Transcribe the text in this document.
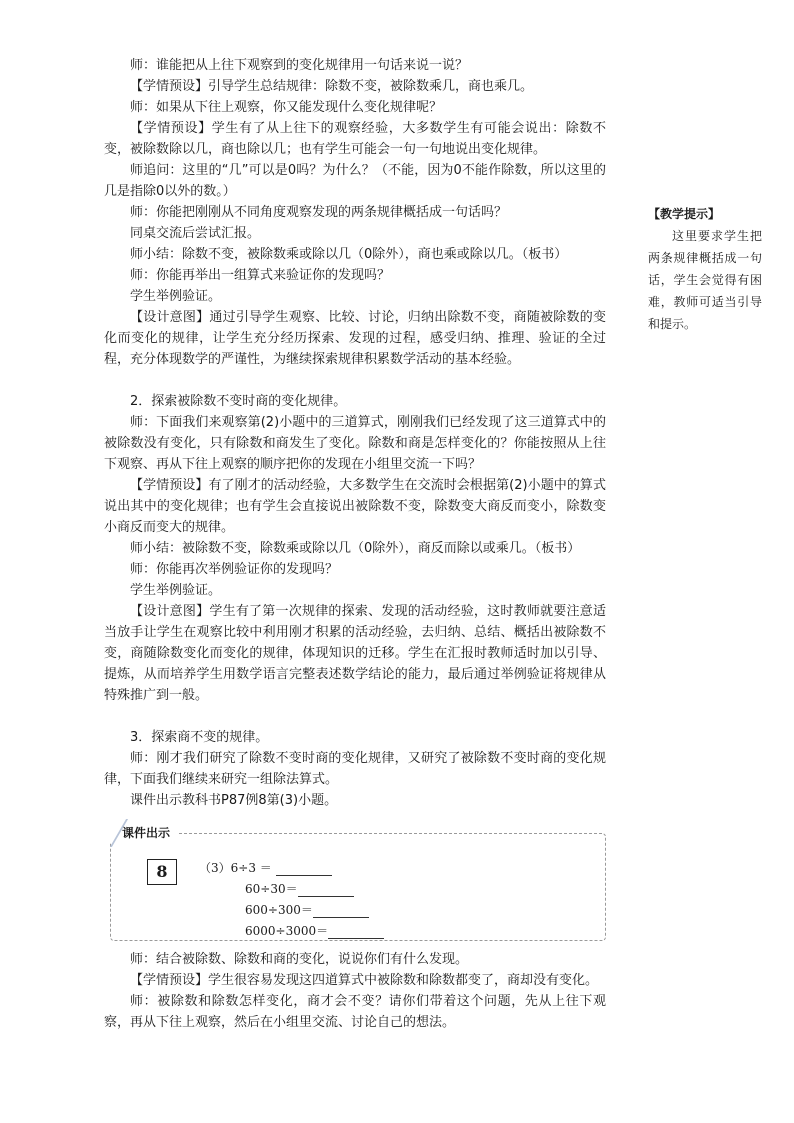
师：谁能把从上往下观察到的变化规律用一句话来说一说？

【学情预设】引导学生总结规律：除数不变，被除数乘几，商也乘几。

师：如果从下往上观察，你又能发现什么变化规律呢？

【学情预设】学生有了从上往下的观察经验，大多数学生有可能会说出：除数不变，被除数除以几，商也除以几；也有学生可能会一句一句地说出变化规律。

师追问：这里的“几”可以是0吗？为什么？（不能，因为0不能作除数，所以这里的几是指除0以外的数。）

师：你能把刚刚从不同角度观察发现的两条规律概括成一句话吗？

同桌交流后尝试汇报。

师小结：除数不变，被除数乘或除以几（0除外），商也乘或除以几。（板书）

师：你能再举出一组算式来验证你的发现吗？

学生举例验证。

【设计意图】通过引导学生观察、比较、讨论，归纳出除数不变，商随被除数的变化而变化的规律，让学生充分经历探索、发现的过程，感受归纳、推理、验证的全过程，充分体现数学的严谨性，为继续探索规律积累数学活动的基本经验。

2．探索被除数不变时商的变化规律。

师：下面我们来观察第(2)小题中的三道算式，刚刚我们已经发现了这三道算式中的被除数没有变化，只有除数和商发生了变化。除数和商是怎样变化的？你能按照从上往下观察、再从下往上观察的顺序把你的发现在小组里交流一下吗？

【学情预设】有了刚才的活动经验，大多数学生在交流时会根据第(2)小题中的算式说出其中的变化规律；也有学生会直接说出被除数不变，除数变大商反而变小，除数变小商反而变大的规律。

师小结：被除数不变，除数乘或除以几（0除外），商反而除以或乘几。（板书）

师：你能再次举例验证你的发现吗？

学生举例验证。

【设计意图】学生有了第一次规律的探索、发现的活动经验，这时教师就要注意适当放手让学生在观察比较中利用刚才积累的活动经验，去归纳、总结、概括出被除数不变，商随除数变化而变化的规律，体现知识的迁移。学生在汇报时教师适时加以引导、提炼，从而培养学生用数学语言完整表述数学结论的能力，最后通过举例验证将规律从特殊推广到一般。

3．探索商不变的规律。

师：刚才我们研究了除数不变时商的变化规律，又研究了被除数不变时商的变化规律，下面我们继续来研究一组除法算式。

课件出示教科书P87例8第(3)小题。

8	（3）6÷3 ＝
60÷30＝
600÷300＝
6000÷3000＝
课件出示

师：结合被除数、除数和商的变化，说说你们有什么发现。

【学情预设】学生很容易发现这四道算式中被除数和除数都变了，商却没有变化。

师：被除数和除数怎样变化，商才会不变？请你们带着这个问题，先从上往下观察，再从下往上观察，然后在小组里交流、讨论自己的想法。

【教学提示】

这里要求学生把两条规律概括成一句话，学生会觉得有困难，教师可适当引导和提示。
